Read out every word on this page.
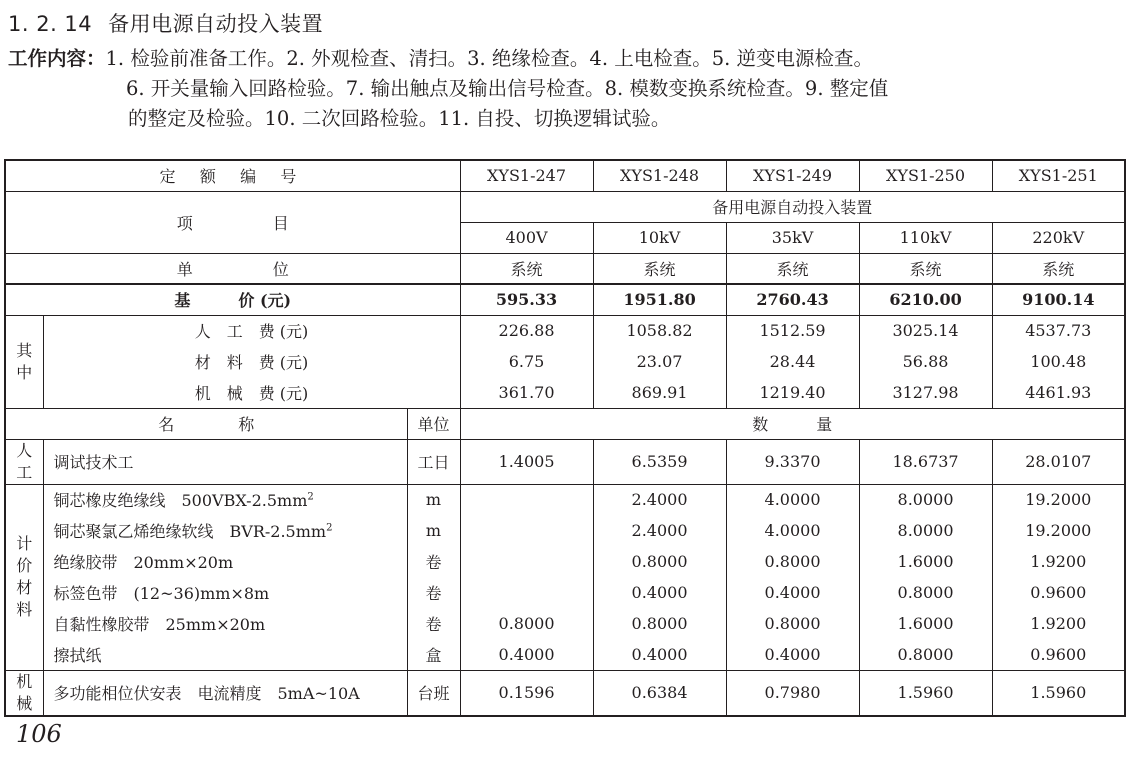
1. 2. 14 备用电源自动投入装置
工作内容：1. 检验前准备工作。2. 外观检查、清扫。3. 绝缘检查。4. 上电检查。5. 逆变电源检查。
6. 开关量输入回路检验。7. 输出触点及输出信号检查。8. 模数变换系统检查。9. 整定值
的整定及检验。10. 二次回路检验。11. 自投、切换逻辑试验。
定 额 编 号			XYS1-247	XYS1-248	XYS1-249	XYS1-250	XYS1-251
项　　　　　目			备用电源自动投入装置				
			400V	10kV	35kV	110kV	220kV
单　　　　　位			系统	系统	系统	系统	系统
基　　　价 (元)			595.33	1951.80	2760.43	6210.00	9100.14

其
中	人　工　费 (元)		226.88	1058.82	1512.59	3025.14	4537.73
	材　料　费 (元)		6.75	23.07	28.44	56.88	100.48
	机　械　费 (元)		361.70	869.91	1219.40	3127.98	4461.93
名　　　　称		单位	数　　　量				

人
工	调试技术工	工日	1.4005	6.5359	9.3370	18.6737	28.0107

计
价
材
料	铜芯橡皮绝缘线　$500VBX-2.5mm^2$	m		2.4000	4.0000	8.0000	19.2000
	铜芯聚氯乙烯绝缘软线　BVR-$2.5mm^2$	m		2.4000	4.0000	8.0000	19.2000
	绝缘胶带　20mm×20m	卷		0.8000	0.8000	1.6000	1.9200
	标签色带　(12~36)mm×8m	卷		0.4000	0.4000	0.8000	0.9600
	自黏性橡胶带　25mm×20m	卷	0.8000	0.8000	0.8000	1.6000	1.9200
	擦拭纸	盒	0.4000	0.4000	0.4000	0.8000	0.9600

机
械	多功能相位伏安表　电流精度　5mA~10A	台班	0.1596	0.6384	0.7980	1.5960	1.5960
106
